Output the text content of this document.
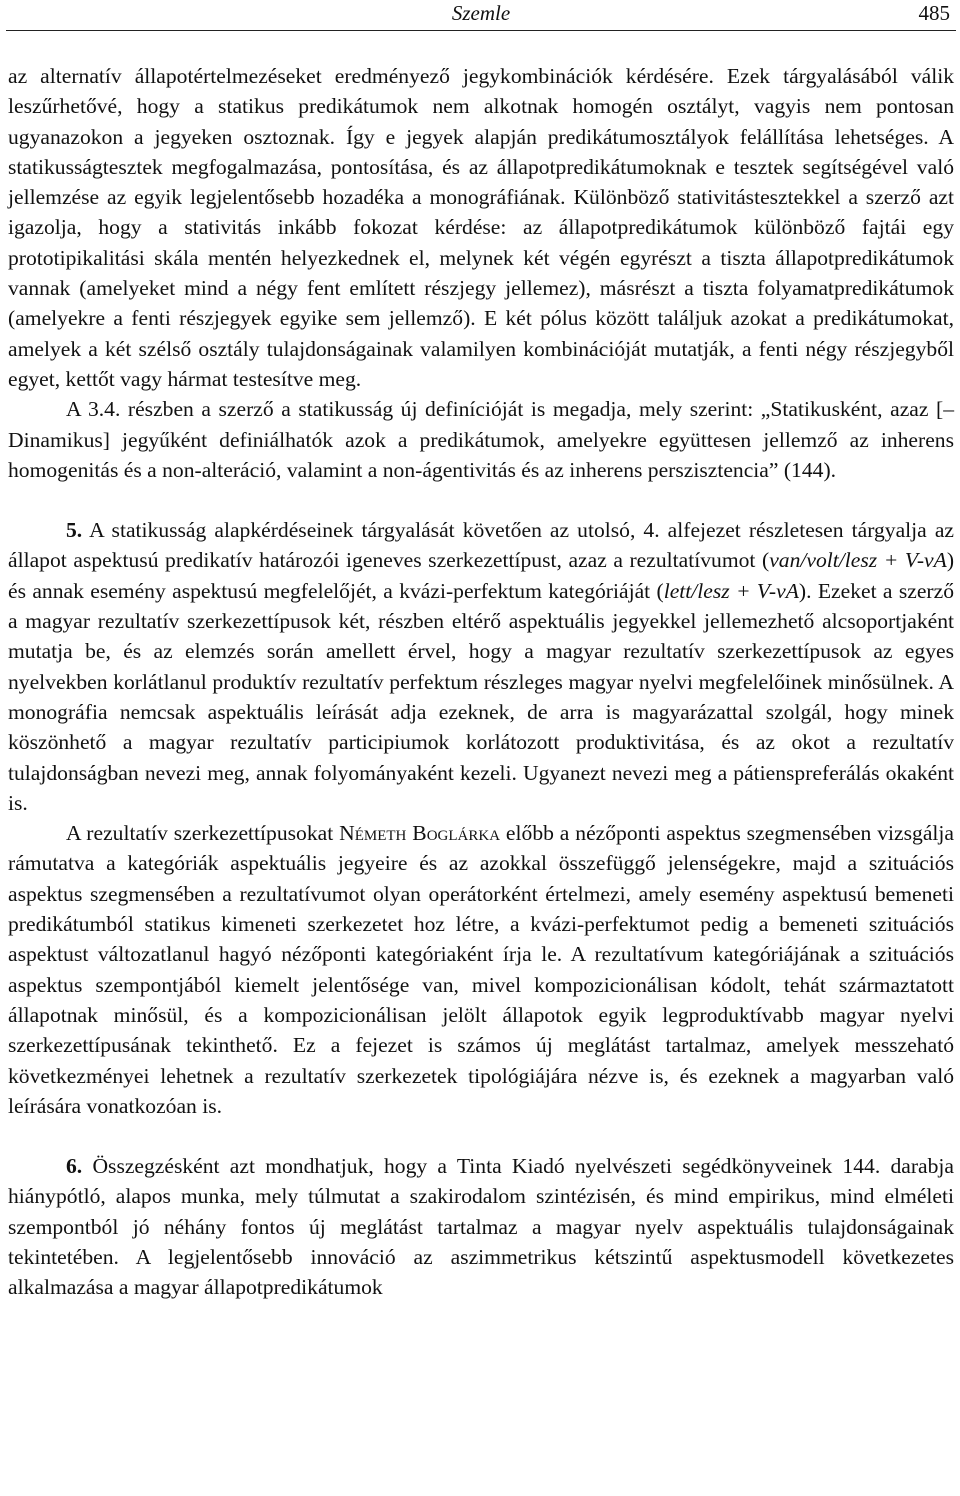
Szemle	485

az alternatív állapotértelmezéseket eredményező jegykombinációk kérdésére. Ezek tárgyalásából válik leszűrhetővé, hogy a statikus predikátumok nem alkotnak homogén osztályt, vagyis nem pontosan ugyanazokon a jegyeken osztoznak. Így e jegyek alapján predikátumosztályok felállítása lehetséges. A statikusságtesztek megfogalmazása, pontosítása, és az állapotpredikátumoknak e tesztek segítségével való jellemzése az egyik legjelentősebb hozadéka a monográfiának. Különböző stativitástesztekkel a szerző azt igazolja, hogy a stativitás inkább fokozat kérdése: az állapotpredikátumok különböző fajtái egy prototipikalitási skála mentén helyezkednek el, melynek két végén egyrészt a tiszta állapotpredikátumok vannak (amelyeket mind a négy fent említett részjegy jellemez), másrészt a tiszta folyamatpredikátumok (amelyekre a fenti részjegyek egyike sem jellemző). E két pólus között találjuk azokat a predikátumokat, amelyek a két szélső osztály tulajdonságainak valamilyen kombinációját mutatják, a fenti négy részjegyből egyet, kettőt vagy hármat testesítve meg.

A 3.4. részben a szerző a statikusság új definícióját is megadja, mely szerint: „Statikusként, azaz [–Dinamikus] jegyűként definiálhatók azok a predikátumok, amelyekre együttesen jellemző az inherens homogenitás és a non-alteráció, valamint a non-ágentivitás és az inherens perszisztencia” (144).

5. A statikusság alapkérdéseinek tárgyalását követően az utolsó, 4. alfejezet részletesen tárgyalja az állapot aspektusú predikatív határozói igeneves szerkezettípust, azaz a rezultatívumot (van/volt/lesz + V-vA) és annak esemény aspektusú megfelelőjét, a kvázi-perfektum kategóriáját (lett/lesz + V-vA). Ezeket a szerző a magyar rezultatív szerkezettípusok két, részben eltérő aspektuális jegyekkel jellemezhető alcsoportjaként mutatja be, és az elemzés során amellett érvel, hogy a magyar rezultatív szerkezettípusok az egyes nyelvekben korlátlanul produktív rezultatív perfektum részleges magyar nyelvi megfelelőinek minősülnek. A monográfia nemcsak aspektuális leírását adja ezeknek, de arra is magyarázattal szolgál, hogy minek köszönhető a magyar rezultatív participiumok korlátozott produktivitása, és az okot a rezultatív tulajdonságban nevezi meg, annak folyományaként kezeli. Ugyanezt nevezi meg a pátienspreferálás okaként is.

A rezultatív szerkezettípusokat Németh Boglárka előbb a nézőponti aspektus szegmensében vizsgálja rámutatva a kategóriák aspektuális jegyeire és az azokkal összefüggő jelenségekre, majd a szituációs aspektus szegmensében a rezultatívumot olyan operátorként értelmezi, amely esemény aspektusú bemeneti predikátumból statikus kimeneti szerkezetet hoz létre, a kvázi-perfektumot pedig a bemeneti szituációs aspektust változatlanul hagyó nézőponti kategóriaként írja le. A rezultatívum kategóriájának a szituációs aspektus szempontjából kiemelt jelentősége van, mivel kompozicionálisan kódolt, tehát származtatott állapotnak minősül, és a kompozicionálisan jelölt állapotok egyik legproduktívabb magyar nyelvi szerkezettípusának tekinthető. Ez a fejezet is számos új meglátást tartalmaz, amelyek messzeható következményei lehetnek a rezultatív szerkezetek tipológiájára nézve is, és ezeknek a magyarban való leírására vonatkozóan is.

6. Összegzésként azt mondhatjuk, hogy a Tinta Kiadó nyelvészeti segédkönyveinek 144. darabja hiánypótló, alapos munka, mely túlmutat a szakirodalom szintézisén, és mind empirikus, mind elméleti szempontból jó néhány fontos új meglátást tartalmaz a magyar nyelv aspektuális tulajdonságainak tekintetében. A legjelentősebb innováció az aszimmetrikus kétszintű aspektusmodell következetes alkalmazása a magyar állapotpredikátumok
